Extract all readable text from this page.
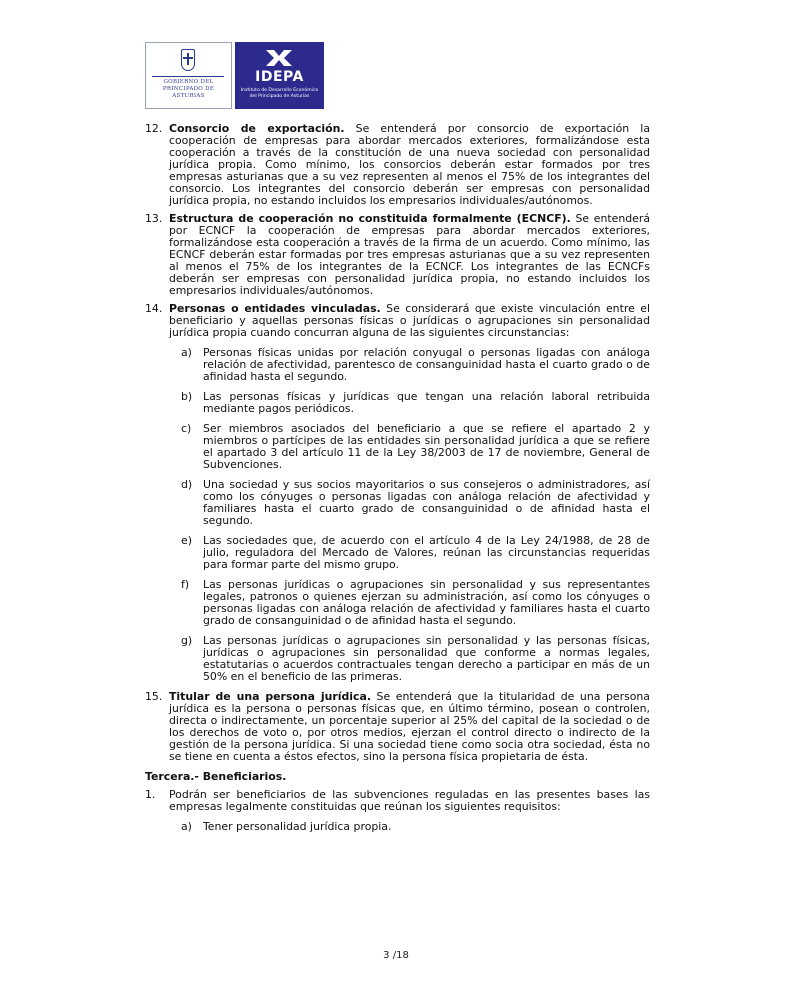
GOBIERNO DEL
PRINCIPADO DE ASTURIAS
IDEPA
Instituto de Desarrollo Económico
del Principado de Asturias
12. Consorcio de exportación. Se entenderá por consorcio de exportación la cooperación de empresas para abordar mercados exteriores, formalizándose esta cooperación a través de la constitución de una nueva sociedad con personalidad jurídica propia. Como mínimo, los consorcios deberán estar formados por tres empresas asturianas que a su vez representen al menos el 75% de los integrantes del consorcio. Los integrantes del consorcio deberán ser empresas con personalidad jurídica propia, no estando incluidos los empresarios individuales/autónomos.
13. Estructura de cooperación no constituida formalmente (ECNCF). Se entenderá por ECNCF la cooperación de empresas para abordar mercados exteriores, formalizándose esta cooperación a través de la firma de un acuerdo. Como mínimo, las ECNCF deberán estar formadas por tres empresas asturianas que a su vez representen al menos el 75% de los integrantes de la ECNCF. Los integrantes de las ECNCFs deberán ser empresas con personalidad jurídica propia, no estando incluidos los empresarios individuales/autónomos.
14. Personas o entidades vinculadas. Se considerará que existe vinculación entre el beneficiario y aquellas personas físicas o jurídicas o agrupaciones sin personalidad jurídica propia cuando concurran alguna de las siguientes circunstancias:
a) Personas físicas unidas por relación conyugal o personas ligadas con análoga relación de afectividad, parentesco de consanguinidad hasta el cuarto grado o de afinidad hasta el segundo.
b) Las personas físicas y jurídicas que tengan una relación laboral retribuida mediante pagos periódicos.
c) Ser miembros asociados del beneficiario a que se refiere el apartado 2 y miembros o partícipes de las entidades sin personalidad jurídica a que se refiere el apartado 3 del artículo 11 de la Ley 38/2003 de 17 de noviembre, General de Subvenciones.
d) Una sociedad y sus socios mayoritarios o sus consejeros o administradores, así como los cónyuges o personas ligadas con análoga relación de afectividad y familiares hasta el cuarto grado de consanguinidad o de afinidad hasta el segundo.
e) Las sociedades que, de acuerdo con el artículo 4 de la Ley 24/1988, de 28 de julio, reguladora del Mercado de Valores, reúnan las circunstancias requeridas para formar parte del mismo grupo.
f) Las personas jurídicas o agrupaciones sin personalidad y sus representantes legales, patronos o quienes ejerzan su administración, así como los cónyuges o personas ligadas con análoga relación de afectividad y familiares hasta el cuarto grado de consanguinidad o de afinidad hasta el segundo.
g) Las personas jurídicas o agrupaciones sin personalidad y las personas físicas, jurídicas o agrupaciones sin personalidad que conforme a normas legales, estatutarias o acuerdos contractuales tengan derecho a participar en más de un 50% en el beneficio de las primeras.
15. Titular de una persona jurídica. Se entenderá que la titularidad de una persona jurídica es la persona o personas físicas que, en último término, posean o controlen, directa o indirectamente, un porcentaje superior al 25% del capital de la sociedad o de los derechos de voto o, por otros medios, ejerzan el control directo o indirecto de la gestión de la persona jurídica. Si una sociedad tiene como socia otra sociedad, ésta no se tiene en cuenta a éstos efectos, sino la persona física propietaria de ésta.
Tercera.- Beneficiarios.
1. Podrán ser beneficiarios de las subvenciones reguladas en las presentes bases las empresas legalmente constituidas que reúnan los siguientes requisitos:
a) Tener personalidad jurídica propia.
3 /18
